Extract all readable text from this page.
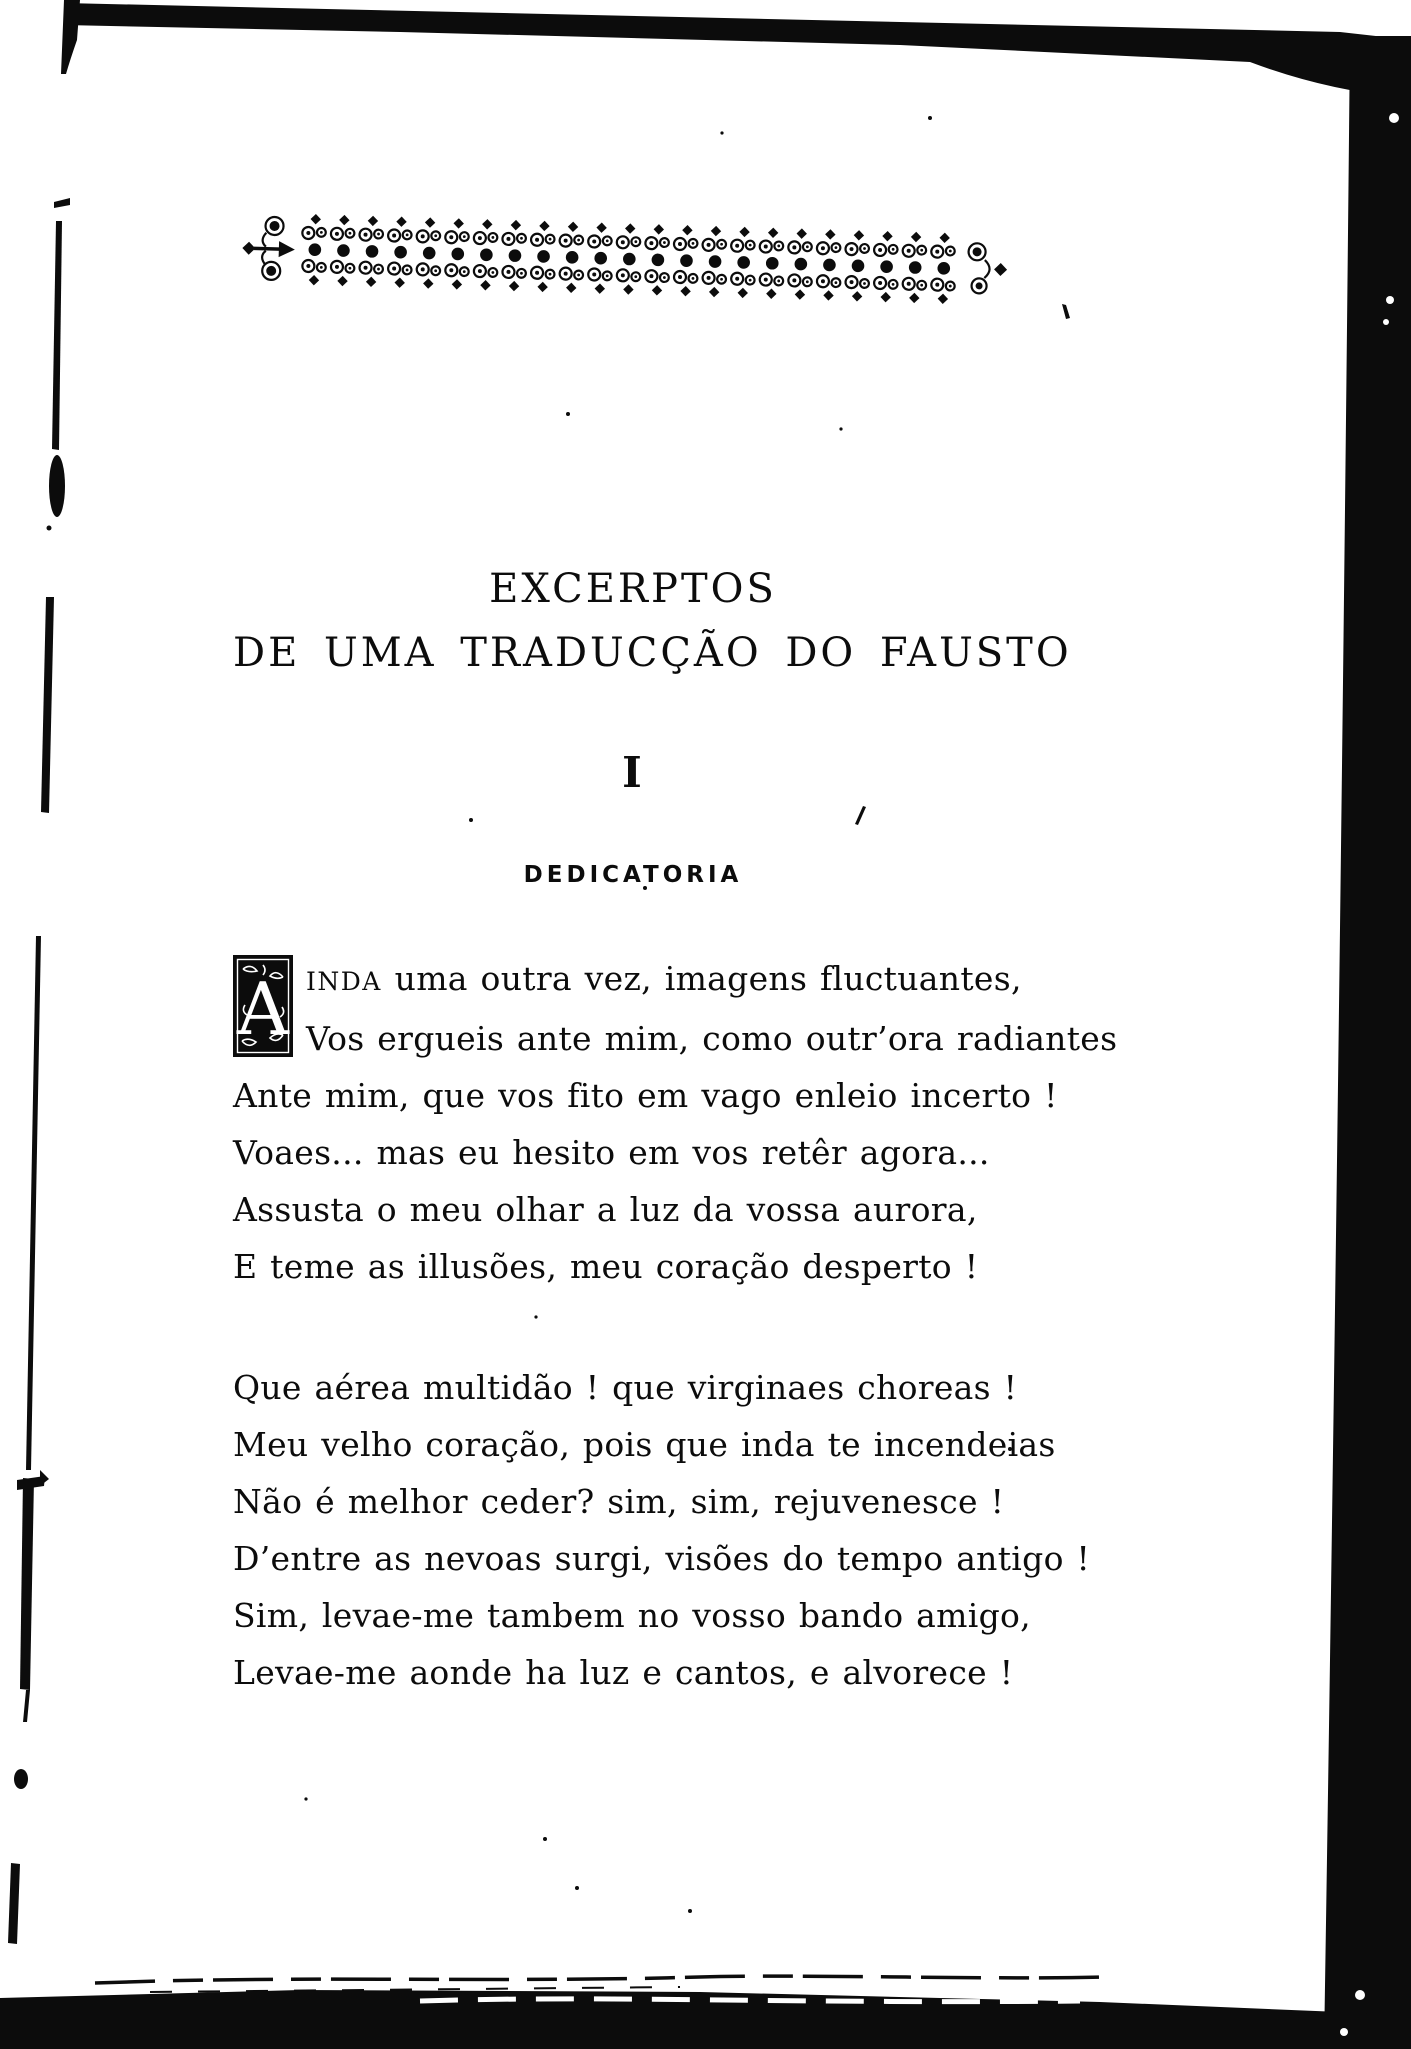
EXCERPTOS
DE UMA TRADUCÇÃO DO FAUSTO
I
DEDICATORIA
A INDA uma outra vez, imagens fluctuantes,
Vos ergueis ante mim, como outr’ora radiantes
Ante mim, que vos fito em vago enleio incerto !
Voaes... mas eu hesito em vos retêr agora...
Assusta o meu olhar a luz da vossa aurora,
E teme as illusões, meu coração desperto !
Que aérea multidão ! que virginaes choreas !
Meu velho coração, pois que inda te incendeias
Não é melhor ceder? sim, sim, rejuvenesce !
D’entre as nevoas surgi, visões do tempo antigo !
Sim, levae-me tambem no vosso bando amigo,
Levae-me aonde ha luz e cantos, e alvorece !
